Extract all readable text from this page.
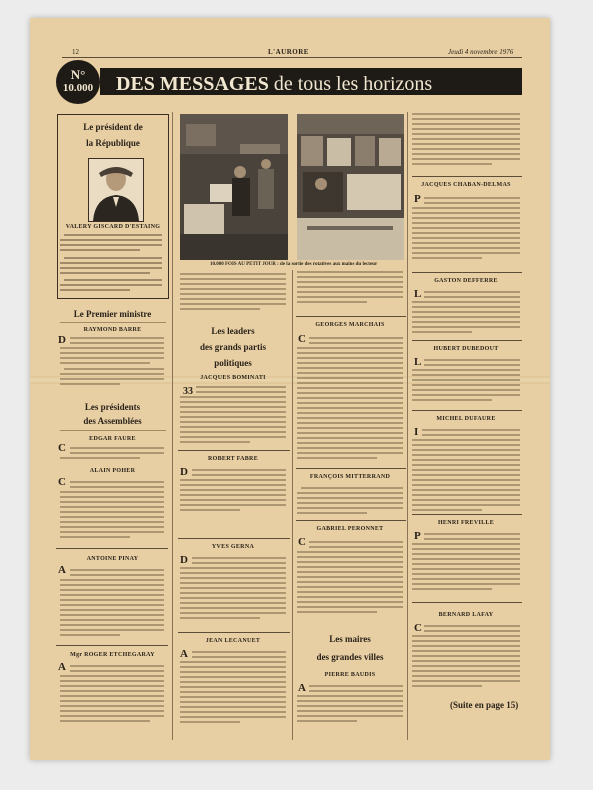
12	L'AURORE	Jeudi 4 novembre 1976
DES MESSAGES de tous les horizons
N°
10.000
Le président de
la République
VALERY GISCARD D'ESTAING
Le Premier ministre
RAYMOND BARRE
D
Les présidents
des Assemblées
EDGAR FAURE
C
ALAIN POHER
C
ANTOINE PINAY
A
Mgr ROGER ETCHEGARAY
A
10.000 FOIS AU PETIT JOUR : de la sortie des rotatives aux mains du lecteur
Les leaders
des grands partis
politiques
JACQUES BOMINATI
33
ROBERT FABRE
D
YVES GERNA
D
JEAN LECANUET
A
GEORGES MARCHAIS
C
FRANÇOIS MITTERRAND
GABRIEL PERONNET
C
Les maires
des grandes villes
PIERRE BAUDIS
A
JACQUES CHABAN-DELMAS
P
GASTON DEFFERRE
L
HUBERT DUBEDOUT
L
MICHEL DUFAURE
I
HENRI FREVILLE
P
BERNARD LAFAY
C
(Suite en page 15)
